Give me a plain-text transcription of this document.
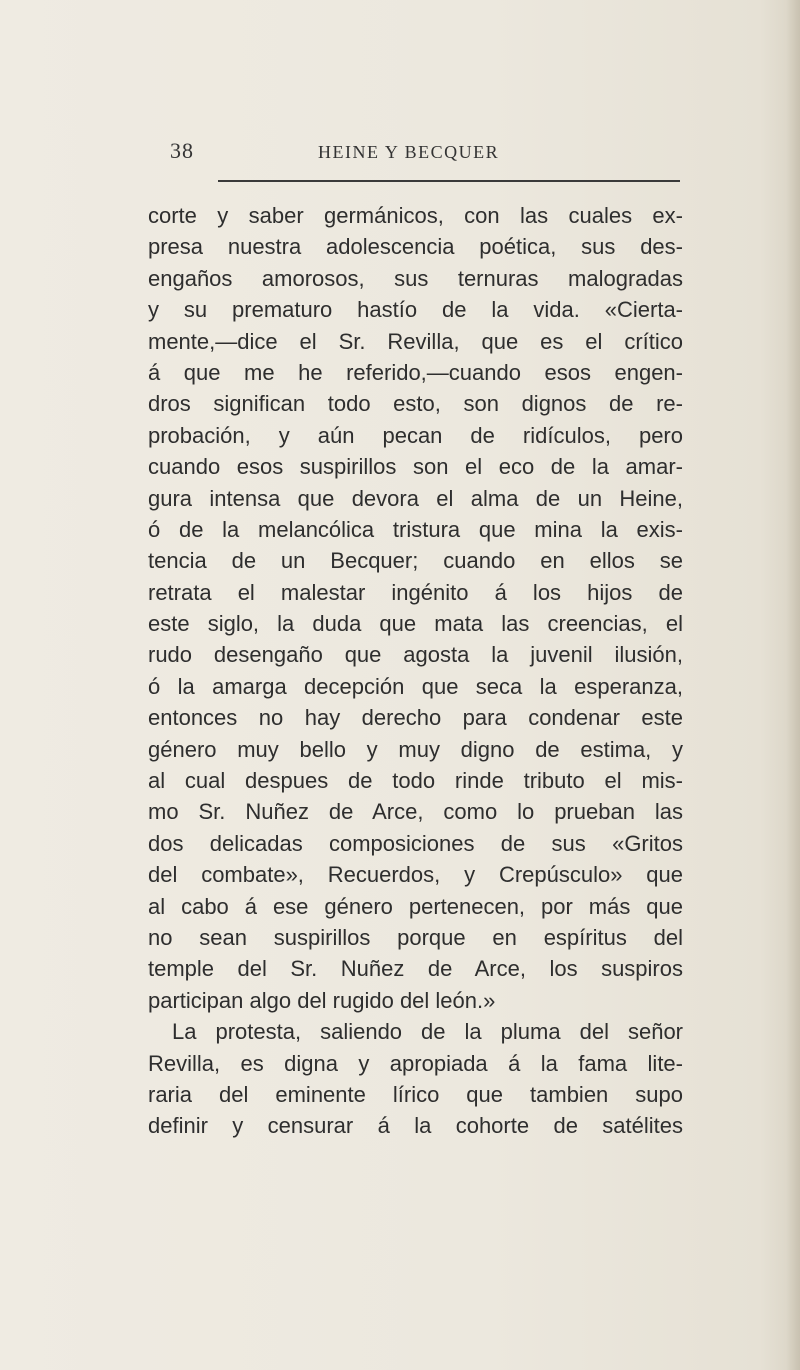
38	HEINE Y BECQUER
corte y saber germánicos, con las cuales ex-
presa nuestra adolescencia poética, sus des-
engaños amorosos, sus ternuras malogradas
y su prematuro hastío de la vida. «Cierta-
mente,—dice el Sr. Revilla, que es el crítico
á que me he referido,—cuando esos engen-
dros significan todo esto, son dignos de re-
probación, y aún pecan de ridículos, pero
cuando esos suspirillos son el eco de la amar-
gura intensa que devora el alma de un Heine,
ó de la melancólica tristura que mina la exis-
tencia de un Becquer; cuando en ellos se
retrata el malestar ingénito á los hijos de
este siglo, la duda que mata las creencias, el
rudo desengaño que agosta la juvenil ilusión,
ó la amarga decepción que seca la esperanza,
entonces no hay derecho para condenar este
género muy bello y muy digno de estima, y
al cual despues de todo rinde tributo el mis-
mo Sr. Nuñez de Arce, como lo prueban las
dos delicadas composiciones de sus «Gritos
del combate», Recuerdos, y Crepúsculo» que
al cabo á ese género pertenecen, por más que
no sean suspirillos porque en espíritus del
temple del Sr. Nuñez de Arce, los suspiros
participan algo del rugido del león.»
La protesta, saliendo de la pluma del señor
Revilla, es digna y apropiada á la fama lite-
raria del eminente lírico que tambien supo
definir y censurar á la cohorte de satélites
